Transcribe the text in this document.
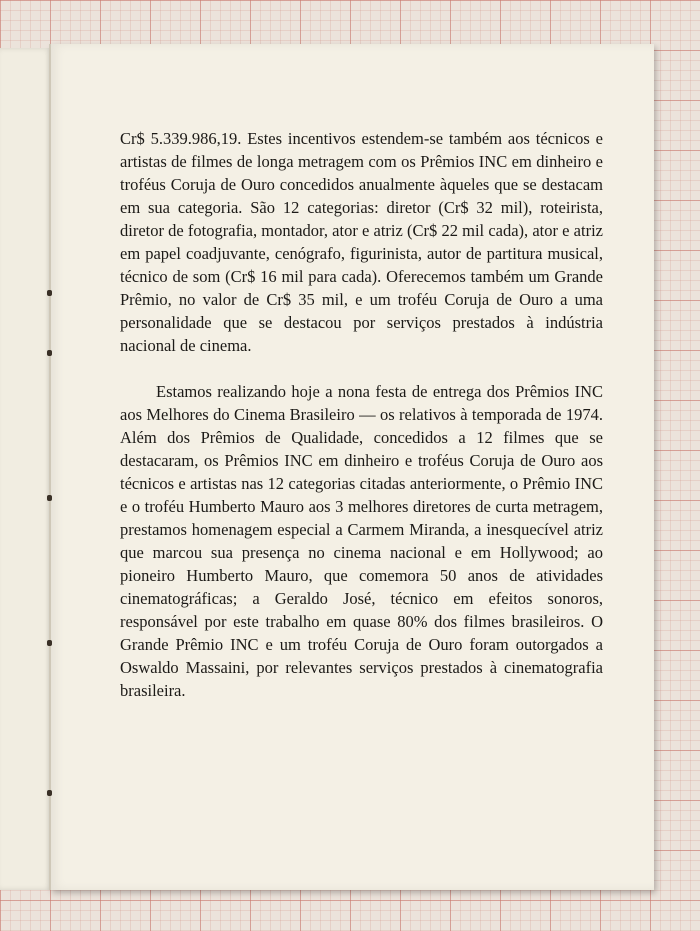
Cr$ 5.339.986,19. Estes incentivos estendem-se também aos técnicos e artistas de filmes de longa metragem com os Prêmios INC em dinheiro e troféus Coruja de Ouro concedidos anualmente àqueles que se destacam em sua categoria. São 12 categorias: diretor (Cr$ 32 mil), roteirista, diretor de fotografia, montador, ator e atriz (Cr$ 22 mil cada), ator e atriz em papel coadjuvante, cenógrafo, figurinista, autor de partitura musical, técnico de som (Cr$ 16 mil para cada). Oferecemos também um Grande Prêmio, no valor de Cr$ 35 mil, e um troféu Coruja de Ouro a uma personalidade que se destacou por serviços prestados à indústria nacional de cinema.

Estamos realizando hoje a nona festa de entrega dos Prêmios INC aos Melhores do Cinema Brasileiro — os relativos à temporada de 1974. Além dos Prêmios de Qualidade, concedidos a 12 filmes que se destacaram, os Prêmios INC em dinheiro e troféus Coruja de Ouro aos técnicos e artistas nas 12 categorias citadas anteriormente, o Prêmio INC e o troféu Humberto Mauro aos 3 melhores diretores de curta metragem, prestamos homenagem especial a Carmem Miranda, a inesquecível atriz que marcou sua presença no cinema nacional e em Hollywood; ao pioneiro Humberto Mauro, que comemora 50 anos de atividades cinematográficas; a Geraldo José, técnico em efeitos sonoros, responsável por este trabalho em quase 80% dos filmes brasileiros. O Grande Prêmio INC e um troféu Coruja de Ouro foram outorgados a Oswaldo Massaini, por relevantes serviços prestados à cinematografia brasileira.
